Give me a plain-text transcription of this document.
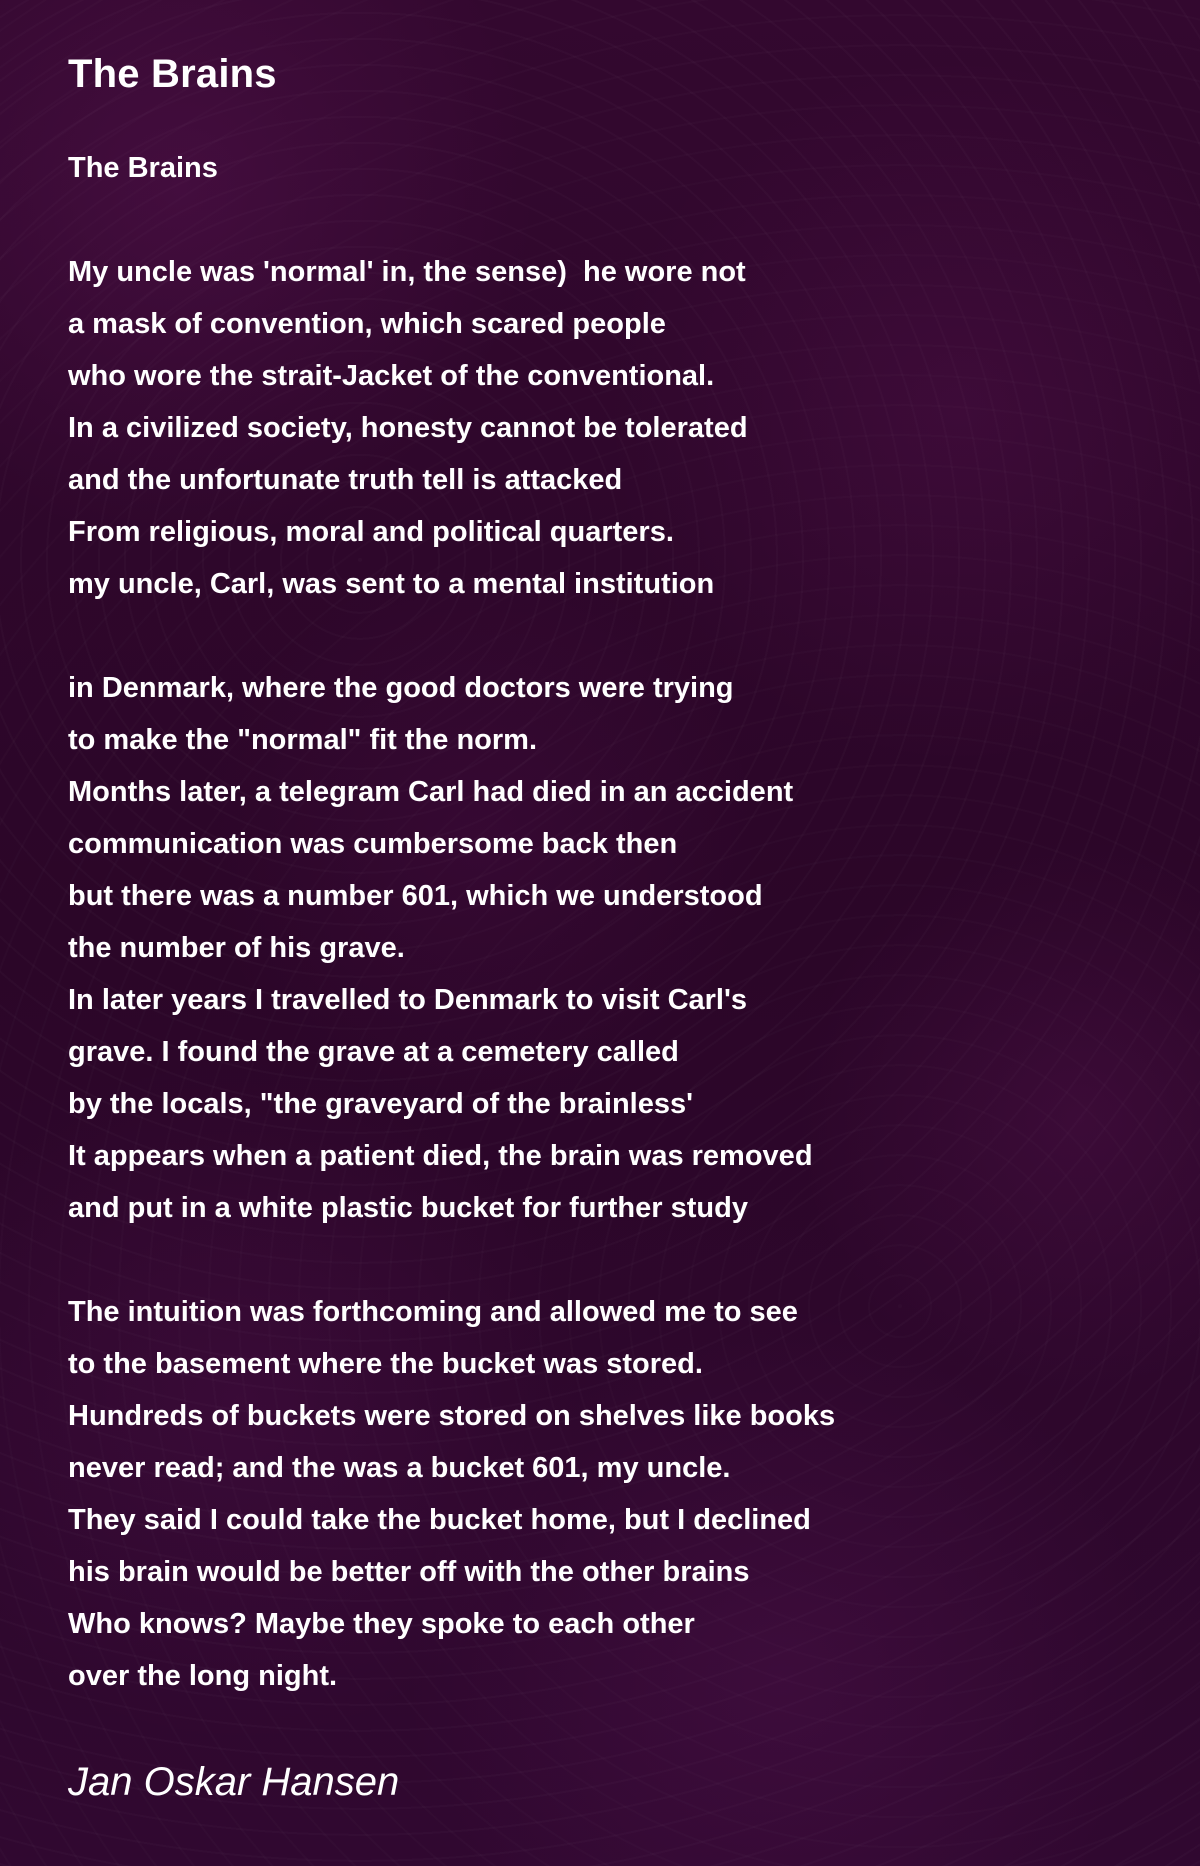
The Brains
The Brains
My uncle was 'normal' in, the sense)  he wore not
a mask of convention, which scared people
who wore the strait-Jacket of the conventional.
In a civilized society, honesty cannot be tolerated
and the unfortunate truth tell is attacked
From religious, moral and political quarters.
my uncle, Carl, was sent to a mental institution
in Denmark, where the good doctors were trying
to make the "normal" fit the norm.
Months later, a telegram Carl had died in an accident
communication was cumbersome back then
but there was a number 601, which we understood
the number of his grave.
In later years I travelled to Denmark to visit Carl's
grave. I found the grave at a cemetery called
by the locals, "the graveyard of the brainless'
It appears when a patient died, the brain was removed
and put in a white plastic bucket for further study
The intuition was forthcoming and allowed me to see
to the basement where the bucket was stored.
Hundreds of buckets were stored on shelves like books
never read; and the was a bucket 601, my uncle.
They said I could take the bucket home, but I declined
his brain would be better off with the other brains
Who knows? Maybe they spoke to each other
over the long night.
Jan Oskar Hansen
